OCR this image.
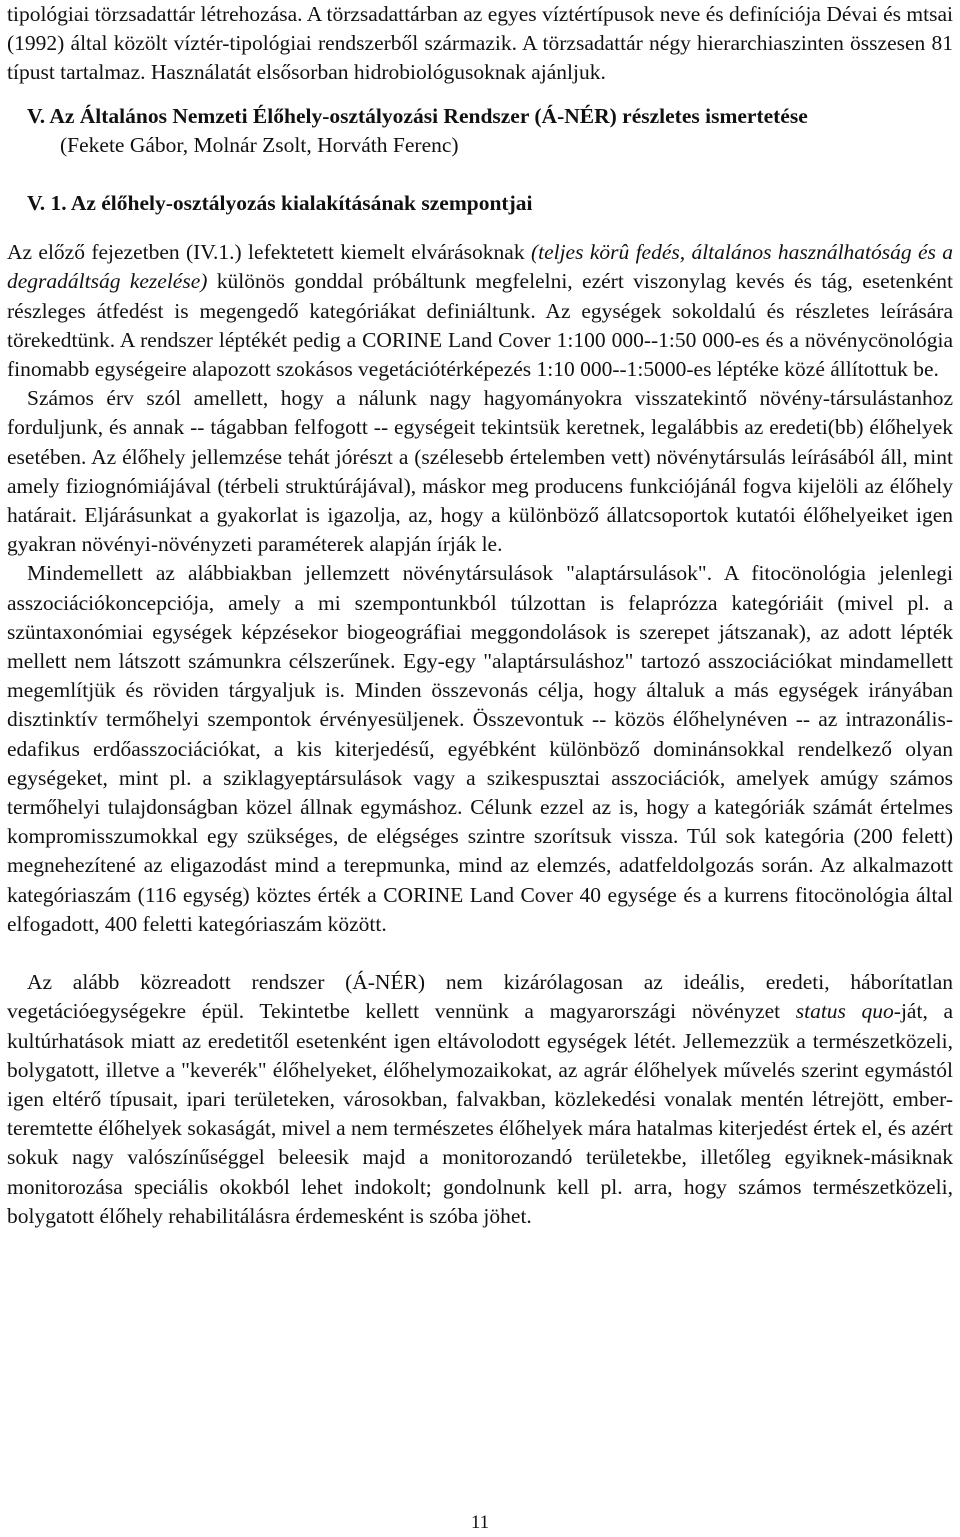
tipológiai törzsadattár létrehozása. A törzsadattárban az egyes víztértípusok neve és definíciója Dévai és mtsai (1992) által közölt víztér-tipológiai rendszerből származik. A törzsadattár négy hierarchiaszinten összesen 81 típust tartalmaz. Használatát elsősorban hidrobiológusoknak ajánljuk.

V. Az Általános Nemzeti Élőhely-osztályozási Rendszer (Á-NÉR) részletes ismertetése

(Fekete Gábor, Molnár Zsolt, Horváth Ferenc)

V. 1. Az élőhely-osztályozás kialakításának szempontjai

Az előző fejezetben (IV.1.) lefektetett kiemelt elvárásoknak (teljes körû fedés, általános használhatóság és a degradáltság kezelése) különös gonddal próbáltunk megfelelni, ezért viszonylag kevés és tág, esetenként részleges átfedést is megengedő kategóriákat definiáltunk. Az egységek sokoldalú és részletes leírására törekedtünk. A rendszer léptékét pedig a CORINE Land Cover 1:100 000--1:50 000-es és a növénycönológia finomabb egységeire alapozott szokásos vegetációtérképezés 1:10 000--1:5000-es léptéke közé állítottuk be.

Számos érv szól amellett, hogy a nálunk nagy hagyományokra visszatekintő növény-társulástanhoz forduljunk, és annak -- tágabban felfogott -- egységeit tekintsük keretnek, legalábbis az eredeti(bb) élőhelyek esetében. Az élőhely jellemzése tehát jórészt a (szélesebb értelemben vett) növénytársulás leírásából áll, mint amely fiziognómiájával (térbeli struktúrájával), máskor meg producens funkciójánál fogva kijelöli az élőhely határait. Eljárásunkat a gyakorlat is igazolja, az, hogy a különböző állatcsoportok kutatói élőhelyeiket igen gyakran növényi-növényzeti paraméterek alapján írják le.

Mindemellett az alábbiakban jellemzett növénytársulások "alaptársulások". A fitocönológia jelenlegi asszociációkoncepciója, amely a mi szempontunkból túlzottan is felaprózza kategóriáit (mivel pl. a szüntaxonómiai egységek képzésekor biogeográfiai meggondolások is szerepet játszanak), az adott lépték mellett nem látszott számunkra célszerűnek. Egy-egy "alaptársuláshoz" tartozó asszociációkat mindamellett megemlítjük és röviden tárgyaljuk is. Minden összevonás célja, hogy általuk a más egységek irányában disztinktív termőhelyi szempontok érvényesüljenek. Összevontuk -- közös élőhelynéven -- az intrazonális-edafikus erdőasszociációkat, a kis kiterjedésű, egyébként különböző dominánsokkal rendelkező olyan egységeket, mint pl. a sziklagyeptársulások vagy a szikespusztai asszociációk, amelyek amúgy számos termőhelyi tulajdonságban közel állnak egymáshoz. Célunk ezzel az is, hogy a kategóriák számát értelmes kompromisszumokkal egy szükséges, de elégséges szintre szorítsuk vissza. Túl sok kategória (200 felett) megnehezítené az eligazodást mind a terepmunka, mind az elemzés, adatfeldolgozás során. Az alkalmazott kategóriaszám (116 egység) köztes érték a CORINE Land Cover 40 egysége és a kurrens fitocönológia által elfogadott, 400 feletti kategóriaszám között.

Az alább közreadott rendszer (Á-NÉR) nem kizárólagosan az ideális, eredeti, háborítatlan vegetációegységekre épül. Tekintetbe kellett vennünk a magyarországi növényzet status quo-ját, a kultúrhatások miatt az eredetitől esetenként igen eltávolodott egységek létét. Jellemezzük a természetközeli, bolygatott, illetve a "keverék" élőhelyeket, élőhelymozaikokat, az agrár élőhelyek művelés szerint egymástól igen eltérő típusait, ipari területeken, városokban, falvakban, közlekedési vonalak mentén létrejött, ember-teremtette élőhelyek sokaságát, mivel a nem természetes élőhelyek mára hatalmas kiterjedést értek el, és azért sokuk nagy valószínűséggel beleesik majd a monitorozandó területekbe, illetőleg egyiknek-másiknak monitorozása speciális okokból lehet indokolt; gondolnunk kell pl. arra, hogy számos természetközeli, bolygatott élőhely rehabilitálásra érdemesként is szóba jöhet.

11
